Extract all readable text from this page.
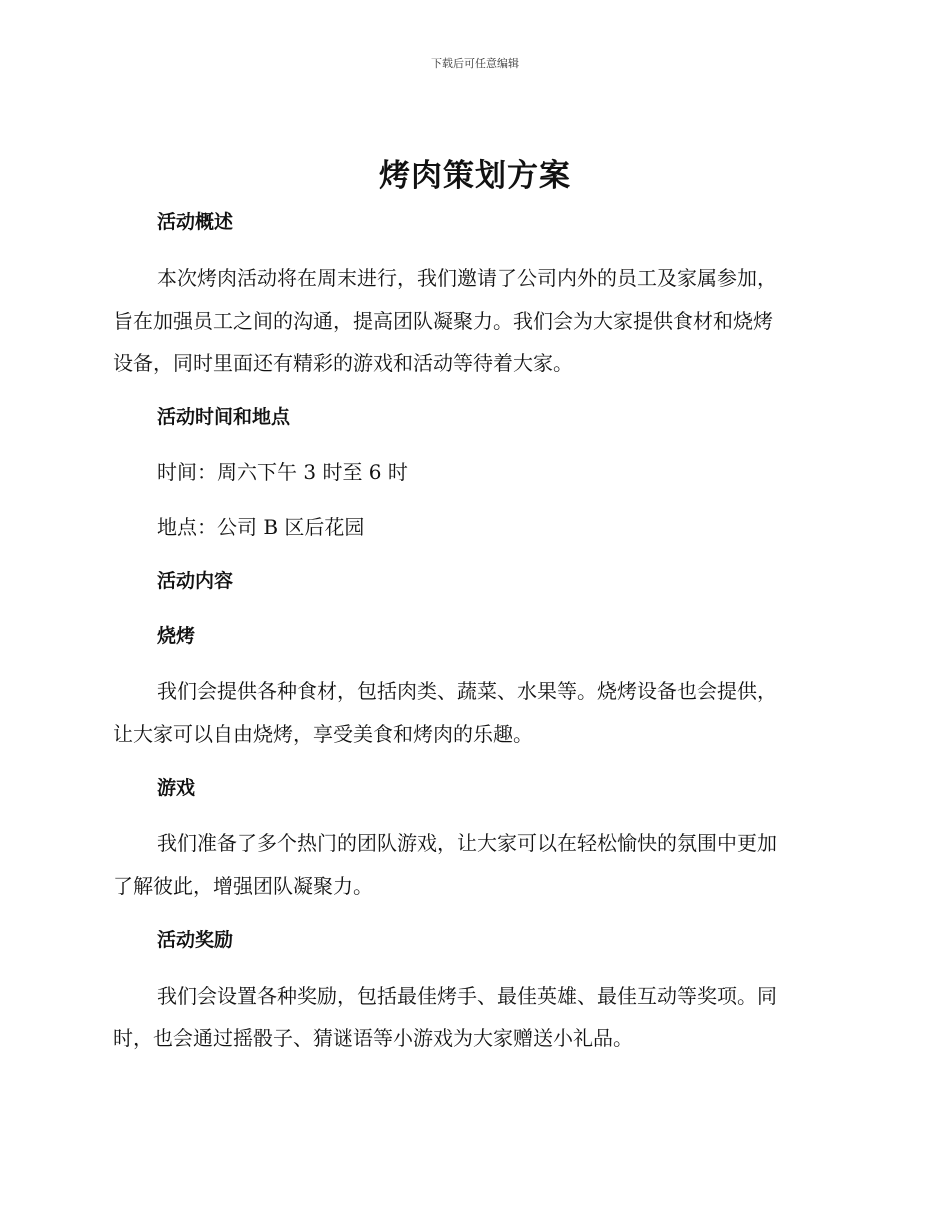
下载后可任意编辑
烤肉策划方案
活动概述
本次烤肉活动将在周末进行，我们邀请了公司内外的员工及家属参加，
旨在加强员工之间的沟通，提高团队凝聚力。我们会为大家提供食材和烧烤
设备，同时里面还有精彩的游戏和活动等待着大家。
活动时间和地点
时间：周六下午 3 时至 6 时
地点：公司 B 区后花园
活动内容
烧烤
我们会提供各种食材，包括肉类、蔬菜、水果等。烧烤设备也会提供，
让大家可以自由烧烤，享受美食和烤肉的乐趣。
游戏
我们准备了多个热门的团队游戏，让大家可以在轻松愉快的氛围中更加
了解彼此，增强团队凝聚力。
活动奖励
我们会设置各种奖励，包括最佳烤手、最佳英雄、最佳互动等奖项。同
时，也会通过摇骰子、猜谜语等小游戏为大家赠送小礼品。
